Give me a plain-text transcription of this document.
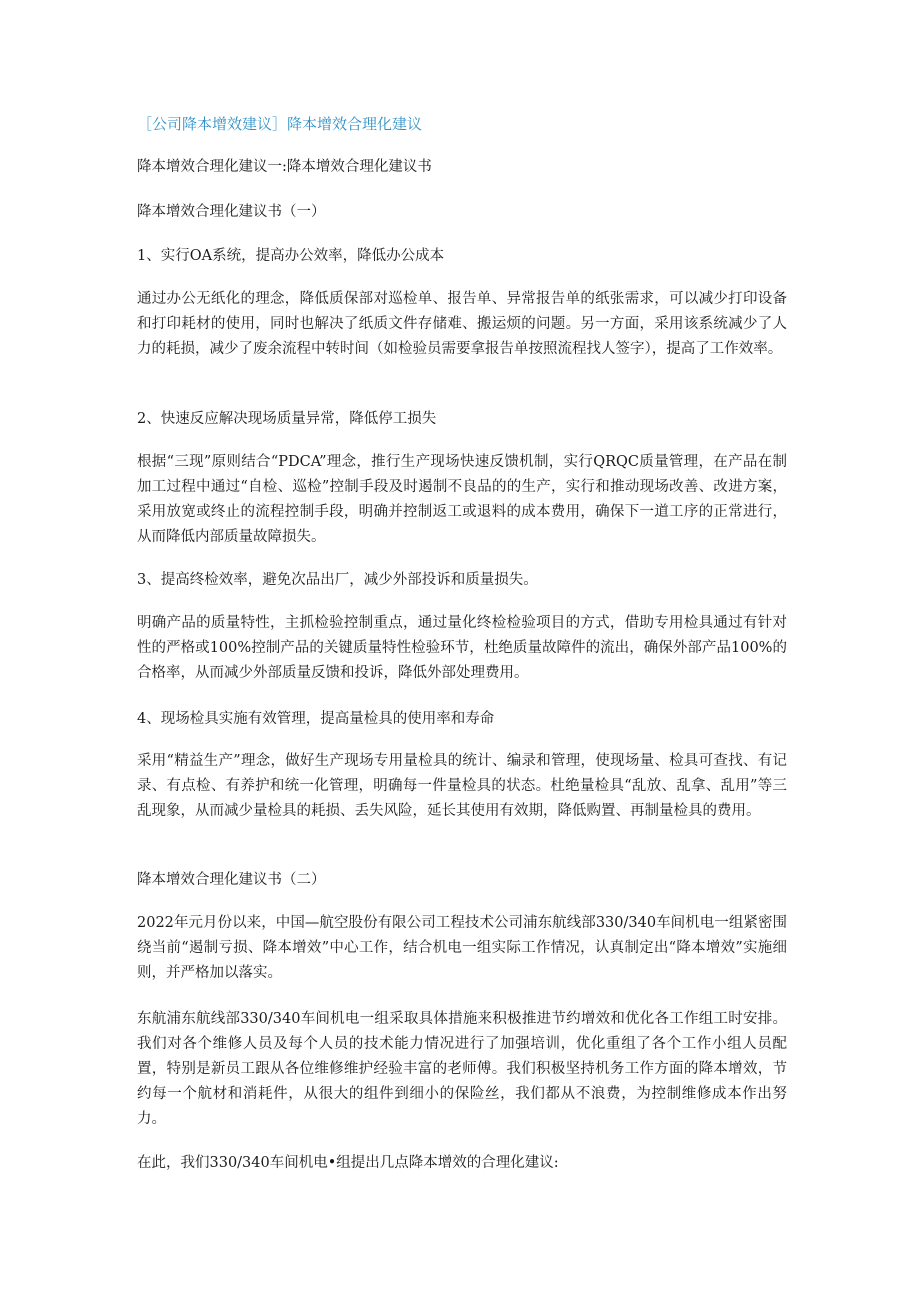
［公司降本增效建议］降本增效合理化建议
降本增效合理化建议一:降本增效合理化建议书
降本增效合理化建议书（一）
1、实行OA系统，提高办公效率，降低办公成本
通过办公无纸化的理念，降低质保部对巡检单、报告单、异常报告单的纸张需求，可以减少打印设备和打印耗材的使用，同时也解决了纸质文件存储难、搬运烦的问题。另一方面，采用该系统减少了人力的耗损，减少了废余流程中转时间（如检验员需要拿报告单按照流程找人签字），提高了工作效率。
2、快速反应解决现场质量异常，降低停工损失
根据“三现”原则结合“PDCA”理念，推行生产现场快速反馈机制，实行QRQC质量管理，在产品在制加工过程中通过“自检、巡检”控制手段及时遏制不良品的的生产，实行和推动现场改善、改进方案，采用放宽或终止的流程控制手段，明确并控制返工或退料的成本费用，确保下一道工序的正常进行，从而降低内部质量故障损失。
3、提高终检效率，避免次品出厂，减少外部投诉和质量损失。
明确产品的质量特性，主抓检验控制重点，通过量化终检检验项目的方式，借助专用检具通过有针对性的严格或100%控制产品的关键质量特性检验环节，杜绝质量故障件的流出，确保外部产品100%的合格率，从而减少外部质量反馈和投诉，降低外部处理费用。
4、现场检具实施有效管理，提高量检具的使用率和寿命
采用“精益生产”理念，做好生产现场专用量检具的统计、编录和管理，使现场量、检具可查找、有记录、有点检、有养护和统一化管理，明确每一件量检具的状态。杜绝量检具“乱放、乱拿、乱用”等三乱现象，从而减少量检具的耗损、丢失风险，延长其使用有效期，降低购置、再制量检具的费用。
降本增效合理化建议书（二）
2022年元月份以来，中国—航空股份有限公司工程技术公司浦东航线部330/340车间机电一组紧密围绕当前“遏制亏损、降本增效”中心工作，结合机电一组实际工作情况，认真制定出“降本增效”实施细则，并严格加以落实。
东航浦东航线部330/340车间机电一组采取具体措施来积极推进节约增效和优化各工作组工时安排。我们对各个维修人员及每个人员的技术能力情况进行了加强培训，优化重组了各个工作小组人员配置，特别是新员工跟从各位维修维护经验丰富的老师傅。我们积极坚持机务工作方面的降本增效，节约每一个航材和消耗件，从很大的组件到细小的保险丝，我们都从不浪费，为控制维修成本作出努力。
在此，我们330/340车间机电•组提出几点降本增效的合理化建议:
